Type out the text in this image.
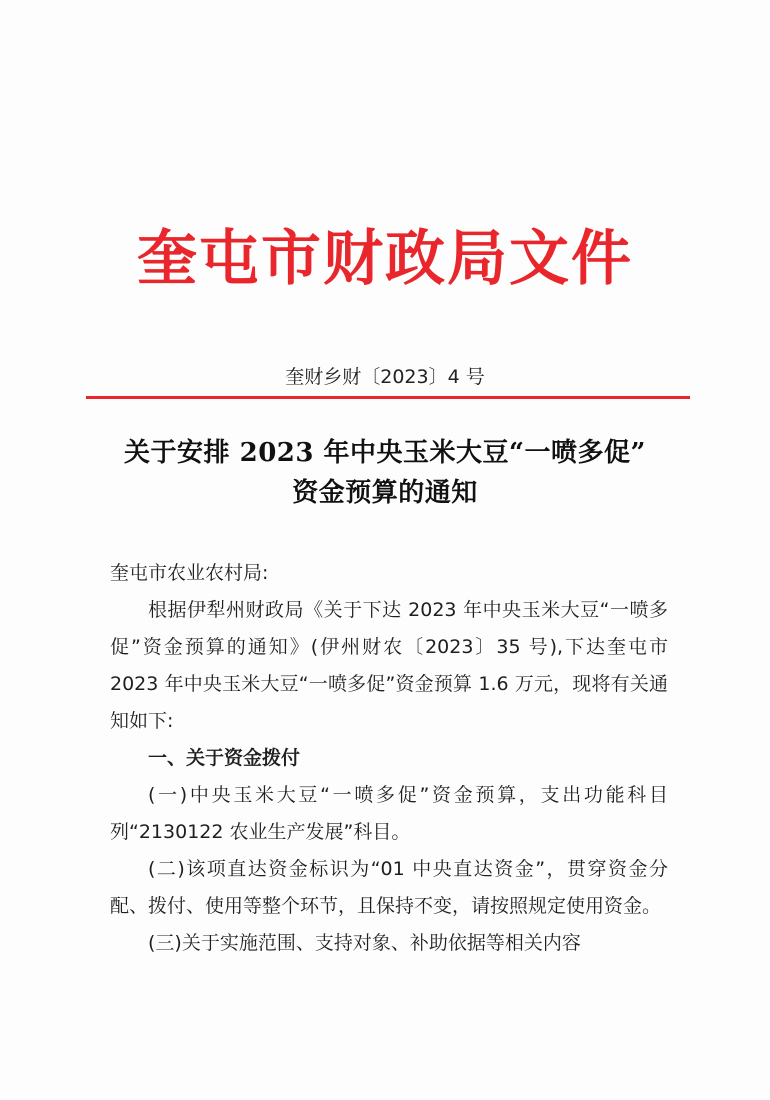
奎屯市财政局文件
奎财乡财〔2023〕4 号
关于安排 2023 年中央玉米大豆“一喷多促”
资金预算的通知

奎屯市农业农村局:

根据伊犁州财政局《关于下达 2023 年中央玉米大豆“一喷多促”资金预算的通知》(伊州财农〔2023〕35 号),下达奎屯市 2023 年中央玉米大豆“一喷多促”资金预算 1.6 万元，现将有关通知如下:

一、关于资金拨付

(一)中央玉米大豆“一喷多促”资金预算，支出功能科目列“2130122 农业生产发展”科目。

(二)该项直达资金标识为“01 中央直达资金”，贯穿资金分配、拨付、使用等整个环节，且保持不变，请按照规定使用资金。

(三)关于实施范围、支持对象、补助依据等相关内容
